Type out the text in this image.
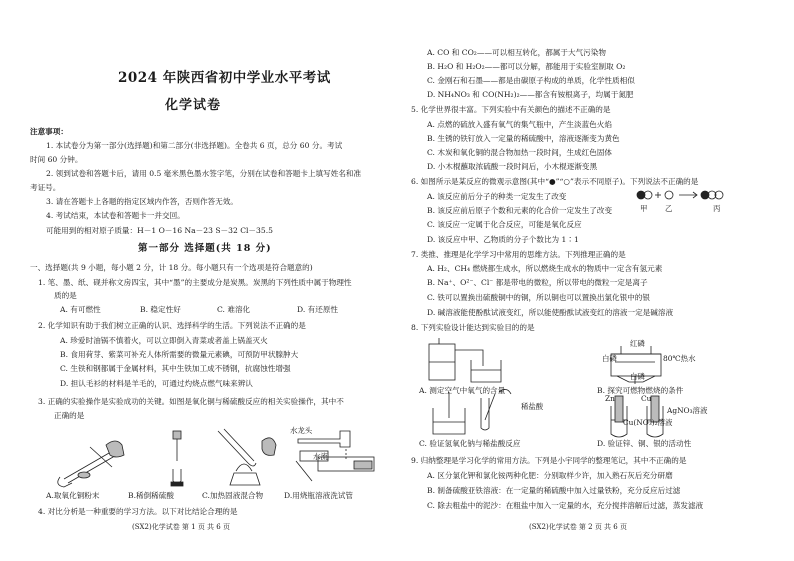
2024 年陕西省初中学业水平考试
化学试卷
注意事项：
1. 本试卷分为第一部分(选择题)和第二部分(非选择题)。全卷共 6 页，总分 60 分。考试
时间 60 分钟。
2. 领到试卷和答题卡后，请用 0.5 毫米黑色墨水签字笔，分别在试卷和答题卡上填写姓名和准
考证号。
3. 请在答题卡上各题的指定区域内作答，否则作答无效。
4. 考试结束，本试卷和答题卡一并交回。
可能用到的相对原子质量：H－1 O－16 Na－23 S－32 Cl－35.5
第一部分 选择题(共 18 分)
一、选择题(共 9 小题，每小题 2 分，计 18 分。每小题只有一个选项是符合题意的)
1. 笔、墨、纸、砚并称文房四宝，其中“墨”的主要成分是炭黑。炭黑的下列性质中属于物理性
质的是
A. 有可燃性	B. 稳定性好	C. 难溶化	D. 有还原性
2. 化学知识有助于我们树立正确的认识、选择科学的生活。下列说法不正确的是
A. 珍爱时油锅不慎着火，可以立即倒入青菜或者盖上锅盖灭火
B. 食用荷芽、紫菜可补充人体所需要的微量元素碘，可预防甲状腺肿大
C. 生铁和钢都属于金属材料，其中生铁加工成不锈钢，抗腐蚀性增强
D. 担认毛衫的材料是羊毛的，可通过灼烧点燃气味来辨认
3. 正确的实验操作是实验成功的关键。如图是氧化铜与稀硫酸反应的相关实验操作，其中不
正确的是
水龙头
水流
A.取氧化铜粉末	B.稀倒稀硫酸	C.加热固液混合物	D.用烧瓶溶液洗试管
4. 对比分析是一种重要的学习方法。以下对比结论合理的是
(SX2)化学试卷 第 1 页 共 6 页
A. CO 和 CO₂——可以相互转化，都属于大气污染物
B. H₂O 和 H₂O₂——都可以分解，都能用于实验室制取 O₂
C. 金刚石和石墨——都是由碳原子构成的单质，化学性质相似
D. NH₄NO₃ 和 CO(NH₂)₂——都含有铵根离子，均属于氮肥
5. 化学世界很丰富。下列实验中有关颜色的描述不正确的是
A. 点燃的硫放入盛有氧气的集气瓶中，产生淡蓝色火焰
B. 生锈的铁钉放入一定量的稀硫酸中，溶液逐渐变为黄色
C. 木炭和氧化铜的混合物加热一段时间，生成红色固体
D. 小木棍蘸取浓硫酸一段时间后，小木棍逐渐变黑
6. 如图所示是某反应的微观示意图(其中“●”“○”表示不同原子)。下列说法不正确的是
A. 该反应前后分子的种类一定发生了改变
B. 该反应前后原子个数和元素的化合价一定发生了改变
C. 该反应一定属于化合反应，可能是氧化反应
D. 该反应中甲、乙物质的分子个数比为 1∶1
甲 乙	丙
7. 类推、推理是化学学习中常用的思维方法。下列推理正确的是
A. H₂、CH₄ 燃烧都生成水，所以燃烧生成水的物质中一定含有氢元素
B. Na⁺、O²⁻、Cl⁻ 都是带电的微粒，所以带电的微粒一定是离子
C. 铁可以置换出硫酸铜中的铜，所以铜也可以置换出氯化银中的银
D. 碱溶液能使酚酞试液变红，所以能使酚酞试液变红的溶液一定是碱溶液
8. 下列实验设计能达到实验目的的是
红磷
白磷	80℃热水
白磷
稀盐酸
Cu(NO₃)₂溶液
AgNO₃溶液
Zn	Cu
A. 测定空气中氧气的含量	B. 探究可燃物燃烧的条件
C. 验证氢氧化钠与稀盐酸反应	D. 验证锌、铜、银的活动性
9. 归纳整理是学习化学的常用方法。下列是小宇同学的整理笔记，其中不正确的是
A. 区分氯化钾和氯化铵两种化肥：分别取样少许，加入熟石灰后充分研磨
B. 制备硫酸亚铁溶液：在一定量的稀硫酸中加入过量铁粉，充分反应后过滤
C. 除去粗盐中的泥沙：在粗盐中加入一定量的水，充分搅拌溶解后过滤，蒸发滤液
(SX2)化学试卷 第 2 页 共 6 页
